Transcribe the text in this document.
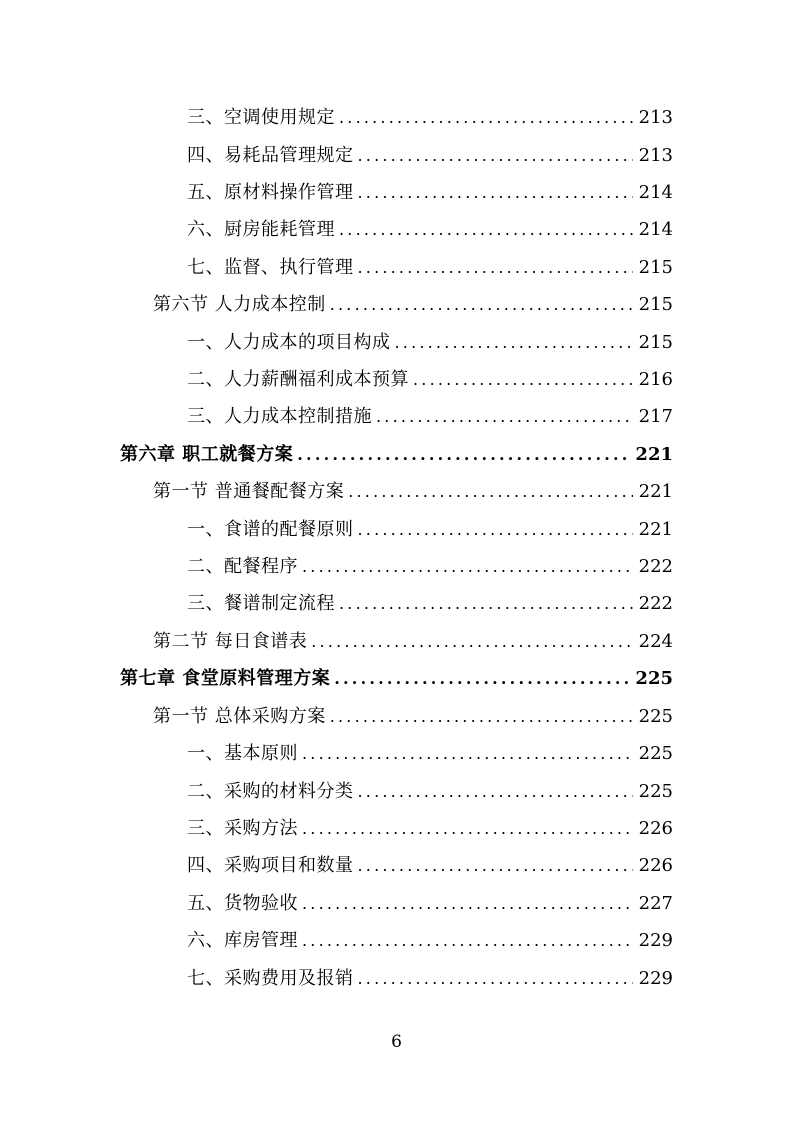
三、空调使用规定 .....	213
四、易耗品管理规定 .....	213
五、原材料操作管理 .....	214
六、厨房能耗管理 .....	214
七、监督、执行管理 .....	215
第六节 人力成本控制 .....	215
一、人力成本的项目构成 .....	215
二、人力薪酬福利成本预算 .....	216
三、人力成本控制措施 .....	217
第六章 职工就餐方案 .....	221
第一节 普通餐配餐方案 .....	221
一、食谱的配餐原则 .....	221
二、配餐程序 .....	222
三、餐谱制定流程 .....	222
第二节 每日食谱表 .....	224
第七章 食堂原料管理方案 .....	225
第一节 总体采购方案 .....	225
一、基本原则 .....	225
二、采购的材料分类 .....	225
三、采购方法 .....	226
四、采购项目和数量 .....	226
五、货物验收 .....	227
六、库房管理 .....	229
七、采购费用及报销 .....	229
6
